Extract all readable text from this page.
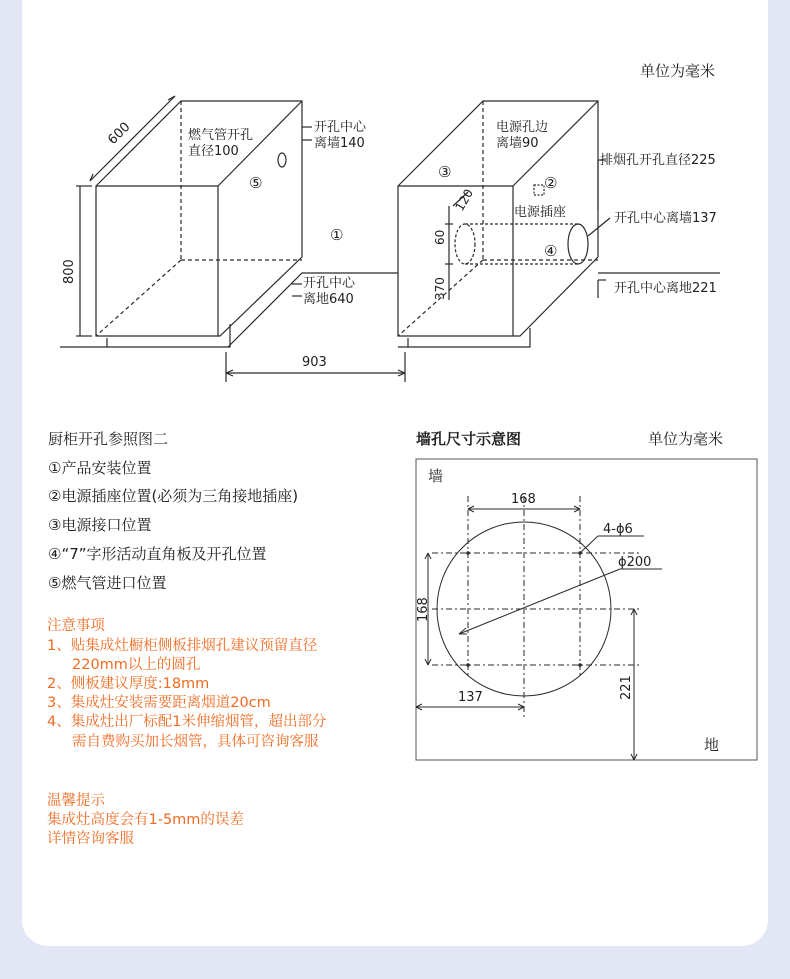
单位为毫米
600
800
903
120
60
370
燃气管开孔
直径100
开孔中心
离墙140
开孔中心
离地640
电源孔边
离墙90
排烟孔开孔直径225
电源插座	开孔中心离墙137
开孔中心离地221
⑤
①
③
②
④
厨柜开孔参照图二
①产品安装位置
②电源插座位置(必须为三角接地插座)
③电源接口位置
④“7”字形活动直角板及开孔位置
⑤燃气管进口位置
注意事项
1、贴集成灶橱柜侧板排烟孔建议预留直径
220mm以上的圆孔
2、侧板建议厚度:18mm
3、集成灶安装需要距离烟道20cm
4、集成灶出厂标配1米伸缩烟管，超出部分
需自费购买加长烟管，具体可咨询客服
温馨提示
集成灶高度会有1-5mm的误差
详情咨询客服
墙孔尺寸示意图	单位为毫米
墙
地
168
168
137	221
4-ϕ6
ϕ200
